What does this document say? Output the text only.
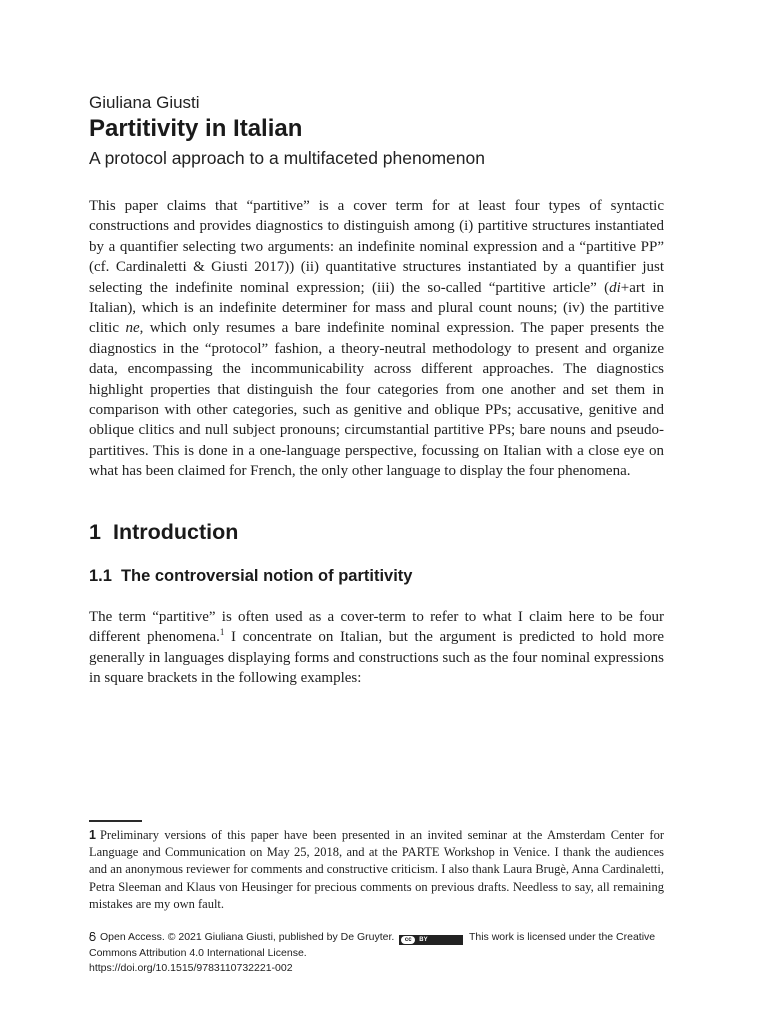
Giuliana Giusti

Partitivity in Italian

A protocol approach to a multifaceted phenomenon

This paper claims that “partitive” is a cover term for at least four types of syntactic constructions and provides diagnostics to distinguish among (i) partitive structures instantiated by a quantifier selecting two arguments: an indefinite nominal expression and a “partitive PP” (cf. Cardinaletti & Giusti 2017)) (ii) quantitative structures instantiated by a quantifier just selecting the indefinite nominal expression; (iii) the so-called “partitive article” (di+art in Italian), which is an indefinite determiner for mass and plural count nouns; (iv) the partitive clitic ne, which only resumes a bare indefinite nominal expression. The paper presents the diagnostics in the “protocol” fashion, a theory-neutral methodology to present and organize data, encompassing the incommunicability across different approaches. The diagnostics highlight properties that distinguish the four categories from one another and set them in comparison with other categories, such as genitive and oblique PPs; accusative, genitive and oblique clitics and null subject pronouns; circumstantial partitive PPs; bare nouns and pseudo-partitives. This is done in a one-language perspective, focussing on Italian with a close eye on what has been claimed for French, the only other language to display the four phenomena.

1 Introduction
1.1 The controversial notion of partitivity

The term “partitive” is often used as a cover-term to refer to what I claim here to be four different phenomena.$^1$ I concentrate on Italian, but the argument is predicted to hold more generally in languages displaying forms and constructions such as the four nominal expressions in square brackets in the following examples:

1 Preliminary versions of this paper have been presented in an invited seminar at the Amsterdam Center for Language and Communication on May 25, 2018, and at the PARTE Workshop in Venice. I thank the audiences and an anonymous reviewer for comments and constructive criticism. I also thank Laura Brugè, Anna Cardinaletti, Petra Sleeman and Klaus von Heusinger for precious comments on previous drafts. Needless to say, all remaining mistakes are my own fault.

Open Access. © 2021 Giuliana Giusti, published by De Gruyter.	cc	BY	This work is licensed under the Creative Commons Attribution 4.0 International License.
https://doi.org/10.1515/9783110732221-002
